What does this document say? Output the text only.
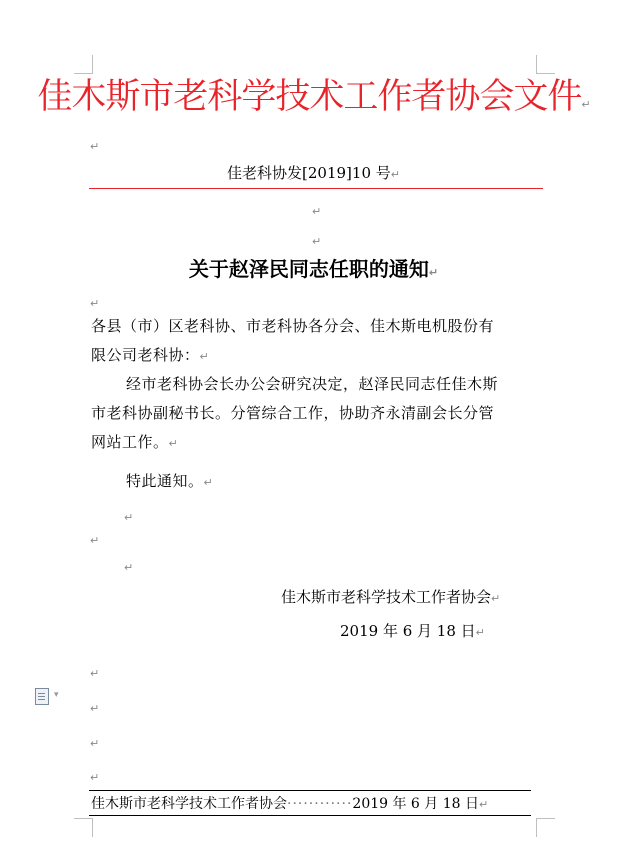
佳木斯市老科学技术工作者协会文件↵
↵
佳老科协发[2019]10 号↵
↵
↵
关于赵泽民同志任职的通知↵
↵
各县（市）区老科协、市老科协各分会、佳木斯电机股份有
限公司老科协：↵
经市老科协会长办公会研究决定，赵泽民同志任佳木斯
市老科协副秘书长。分管综合工作，协助齐永清副会长分管
网站工作。↵
特此通知。↵
↵
↵
↵
佳木斯市老科学技术工作者协会↵
2019 年 6 月 18 日↵
↵
↵
↵
↵
▾
佳木斯市老科学技术工作者协会············2019 年 6 月 18 日↵
